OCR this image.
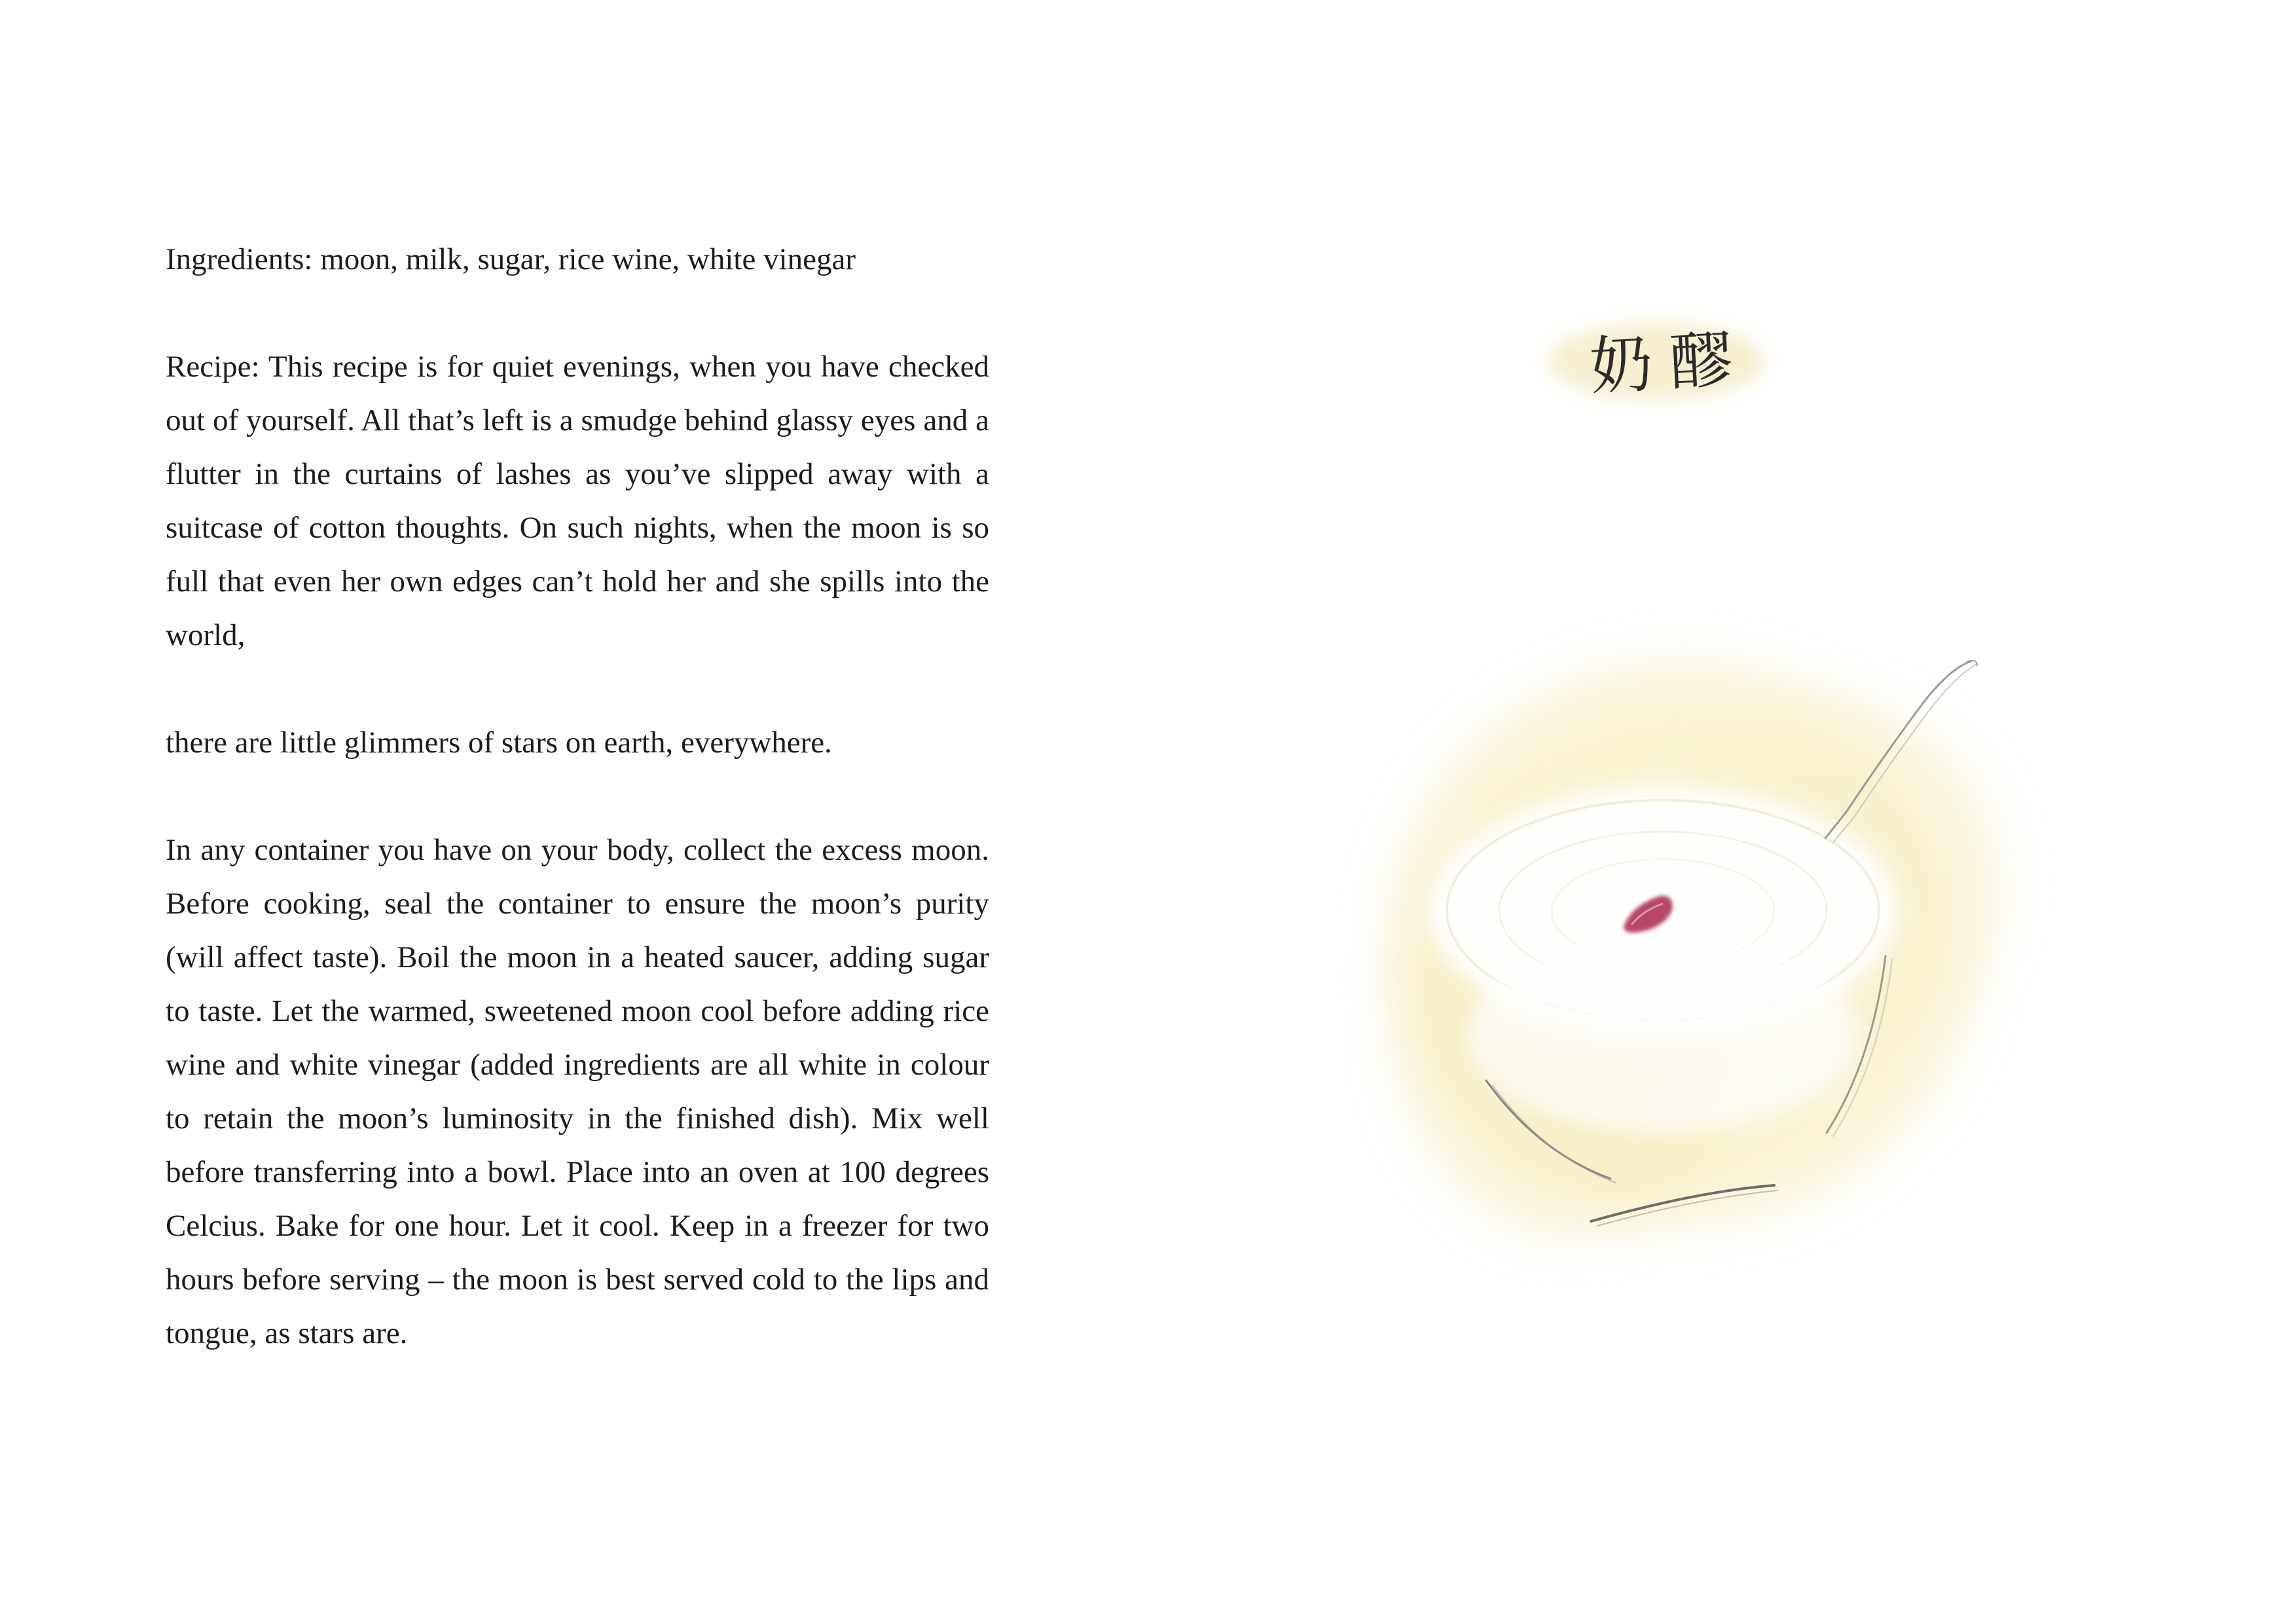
Ingredients: moon, milk, sugar, rice wine, white vinegar

Recipe: This recipe is for quiet evenings, when you have checked out of yourself. All that’s left is a smudge behind glassy eyes and a flutter in the curtains of lashes as you’ve slipped away with a suitcase of cotton thoughts. On such nights, when the moon is so full that even her own edges can’t hold her and she spills into the world,

there are little glimmers of stars on earth, everywhere.

In any container you have on your body, collect the excess moon. Before cooking, seal the container to ensure the moon’s purity (will affect taste). Boil the moon in a heated saucer, adding sugar to taste. Let the warmed, sweetened moon cool before adding rice wine and white vinegar (added ingredients are all white in colour to retain the moon’s luminosity in the finished dish). Mix well before transferring into a bowl. Place into an oven at 100 degrees Celcius. Bake for one hour. Let it cool. Keep in a freezer for two hours before serving – the moon is best served cold to the lips and tongue, as stars are.

奶醪
